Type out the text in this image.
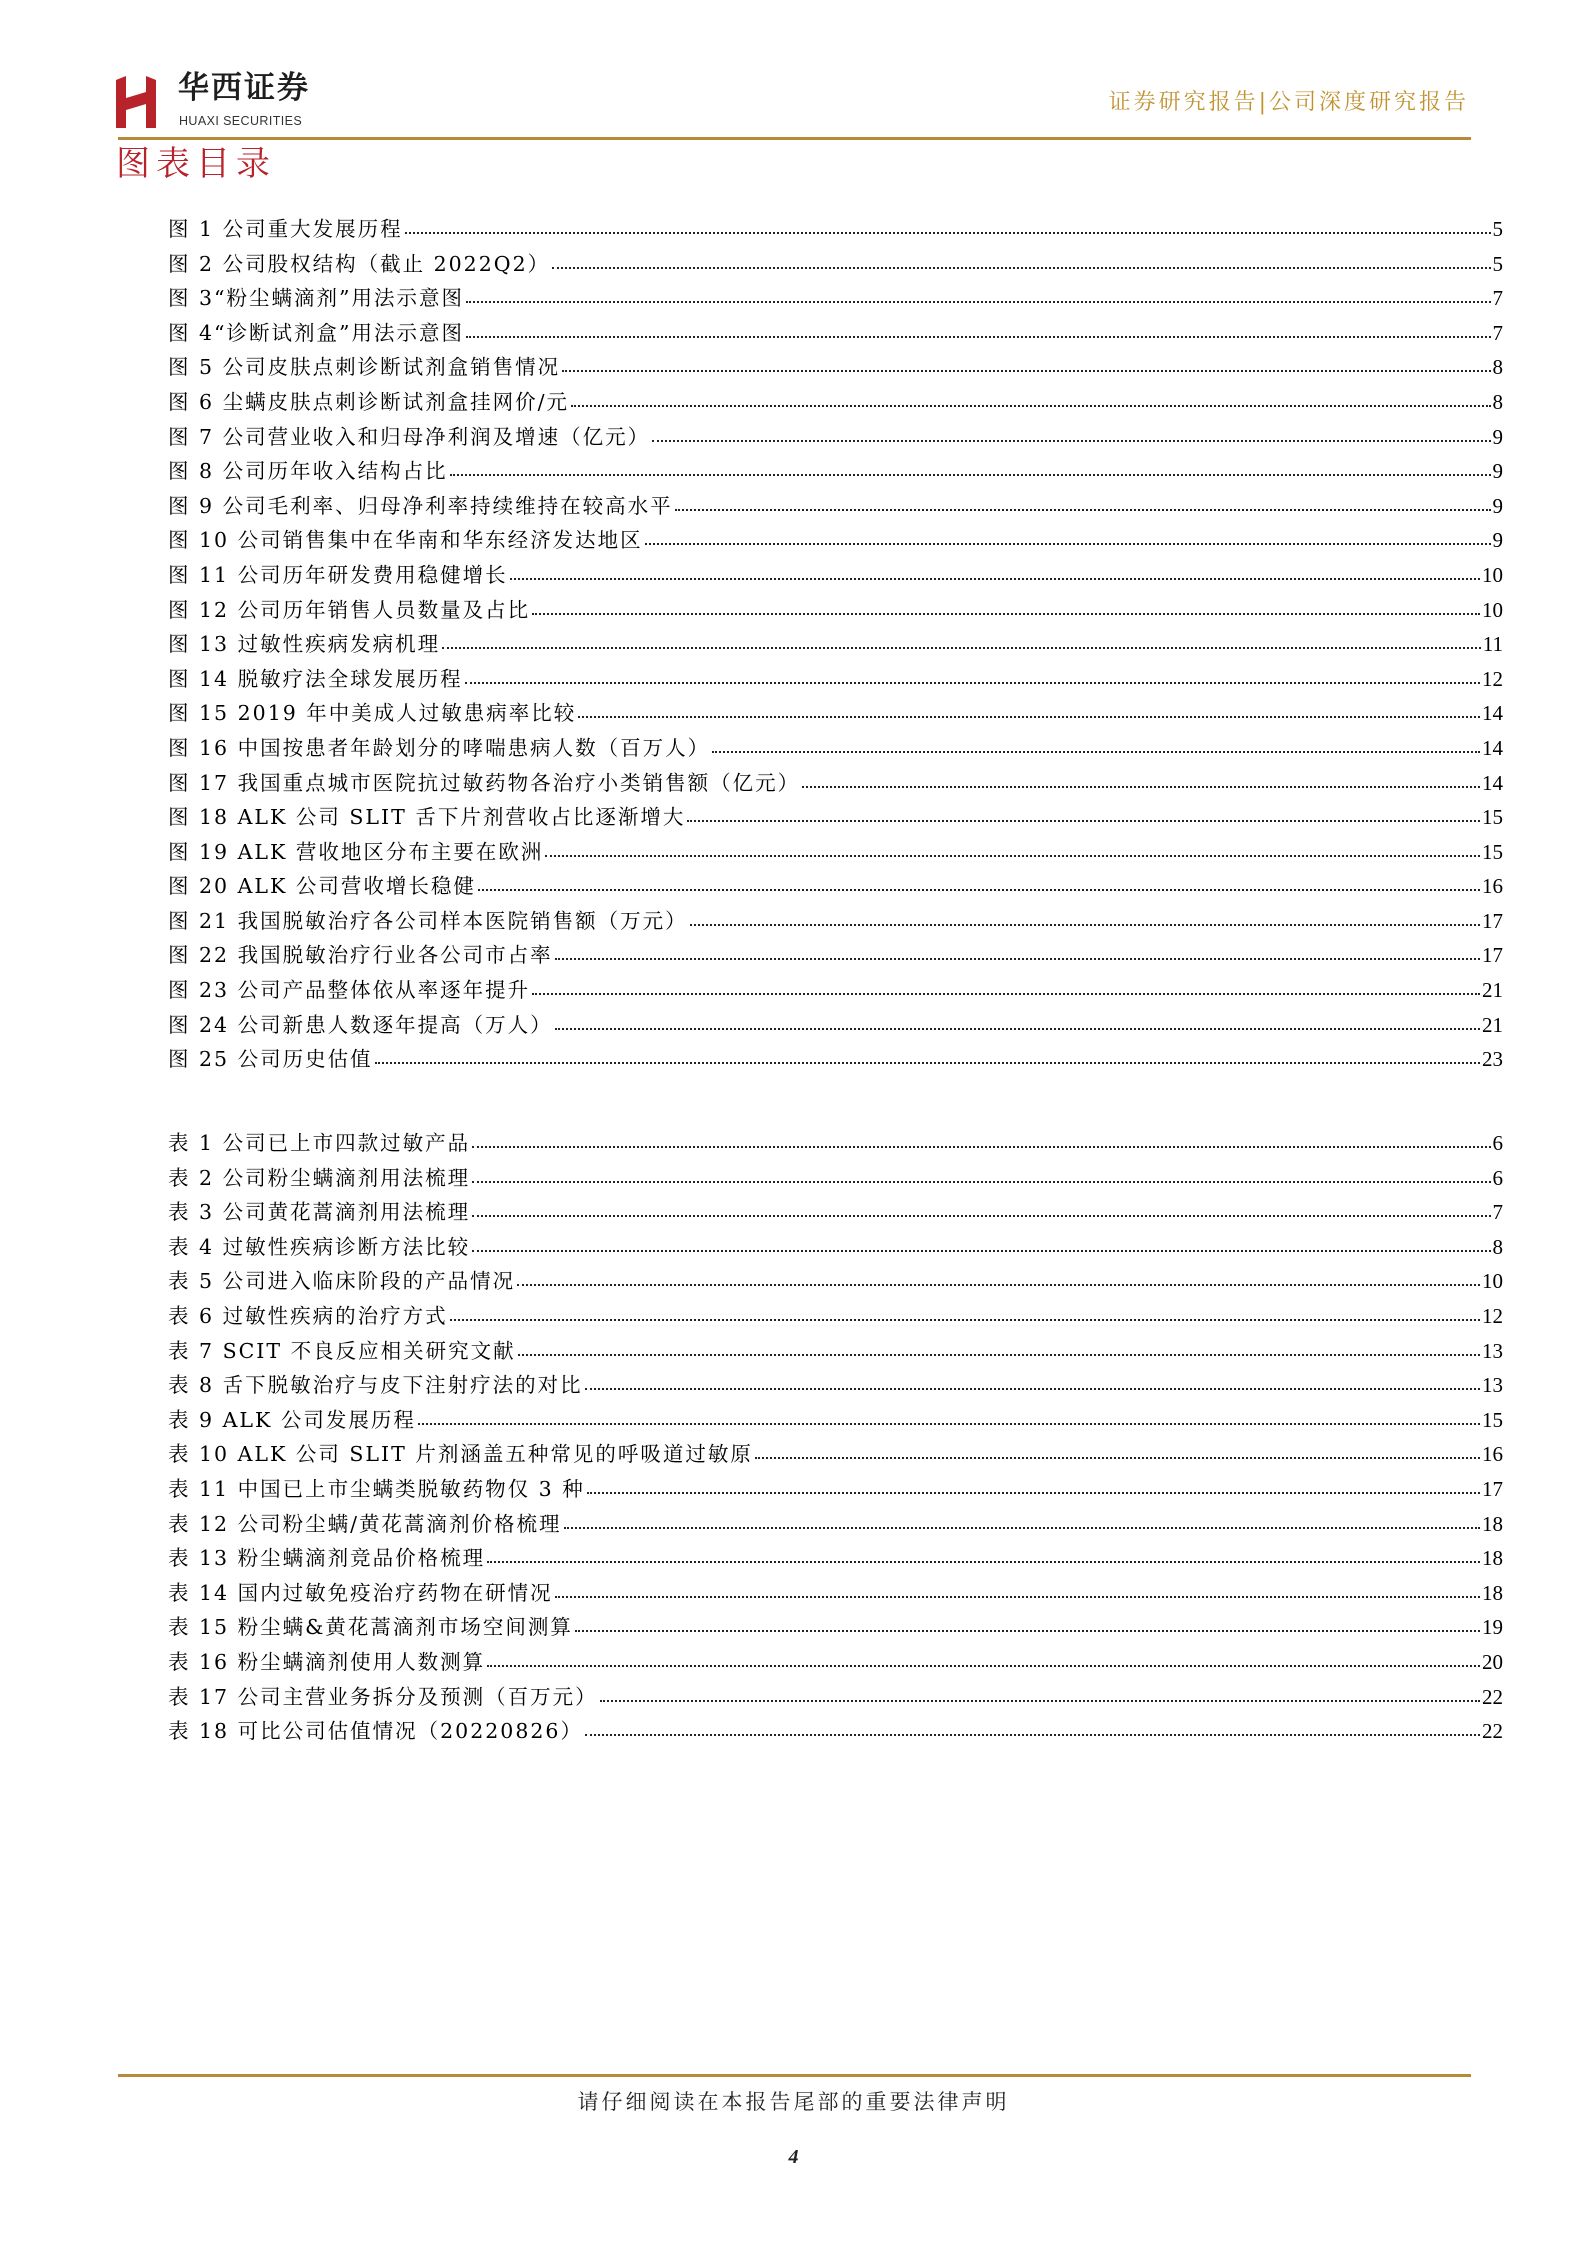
华西证券
HUAXI SECURITIES
证券研究报告|公司深度研究报告
图表目录
图 1 公司重大发展历程	5
图 2 公司股权结构（截止 2022Q2）	5
图 3“粉尘螨滴剂”用法示意图	7
图 4“诊断试剂盒”用法示意图	7
图 5 公司皮肤点刺诊断试剂盒销售情况	8
图 6 尘螨皮肤点刺诊断试剂盒挂网价/元	8
图 7 公司营业收入和归母净利润及增速（亿元）	9
图 8 公司历年收入结构占比	9
图 9 公司毛利率、归母净利率持续维持在较高水平	9
图 10 公司销售集中在华南和华东经济发达地区	9
图 11 公司历年研发费用稳健增长	10
图 12 公司历年销售人员数量及占比	10
图 13 过敏性疾病发病机理	11
图 14 脱敏疗法全球发展历程	12
图 15 2019 年中美成人过敏患病率比较	14
图 16 中国按患者年龄划分的哮喘患病人数（百万人）	14
图 17 我国重点城市医院抗过敏药物各治疗小类销售额（亿元）	14
图 18 ALK 公司 SLIT 舌下片剂营收占比逐渐增大	15
图 19 ALK 营收地区分布主要在欧洲	15
图 20 ALK 公司营收增长稳健	16
图 21 我国脱敏治疗各公司样本医院销售额（万元）	17
图 22 我国脱敏治疗行业各公司市占率	17
图 23 公司产品整体依从率逐年提升	21
图 24 公司新患人数逐年提高（万人）	21
图 25 公司历史估值	23
表 1 公司已上市四款过敏产品	6
表 2 公司粉尘螨滴剂用法梳理	6
表 3 公司黄花蒿滴剂用法梳理	7
表 4 过敏性疾病诊断方法比较	8
表 5 公司进入临床阶段的产品情况	10
表 6 过敏性疾病的治疗方式	12
表 7 SCIT 不良反应相关研究文献	13
表 8 舌下脱敏治疗与皮下注射疗法的对比	13
表 9 ALK 公司发展历程	15
表 10 ALK 公司 SLIT 片剂涵盖五种常见的呼吸道过敏原	16
表 11 中国已上市尘螨类脱敏药物仅 3 种	17
表 12 公司粉尘螨/黄花蒿滴剂价格梳理	18
表 13 粉尘螨滴剂竞品价格梳理	18
表 14 国内过敏免疫治疗药物在研情况	18
表 15 粉尘螨&黄花蒿滴剂市场空间测算	19
表 16 粉尘螨滴剂使用人数测算	20
表 17 公司主营业务拆分及预测（百万元）	22
表 18 可比公司估值情况（20220826）	22
请仔细阅读在本报告尾部的重要法律声明
4
